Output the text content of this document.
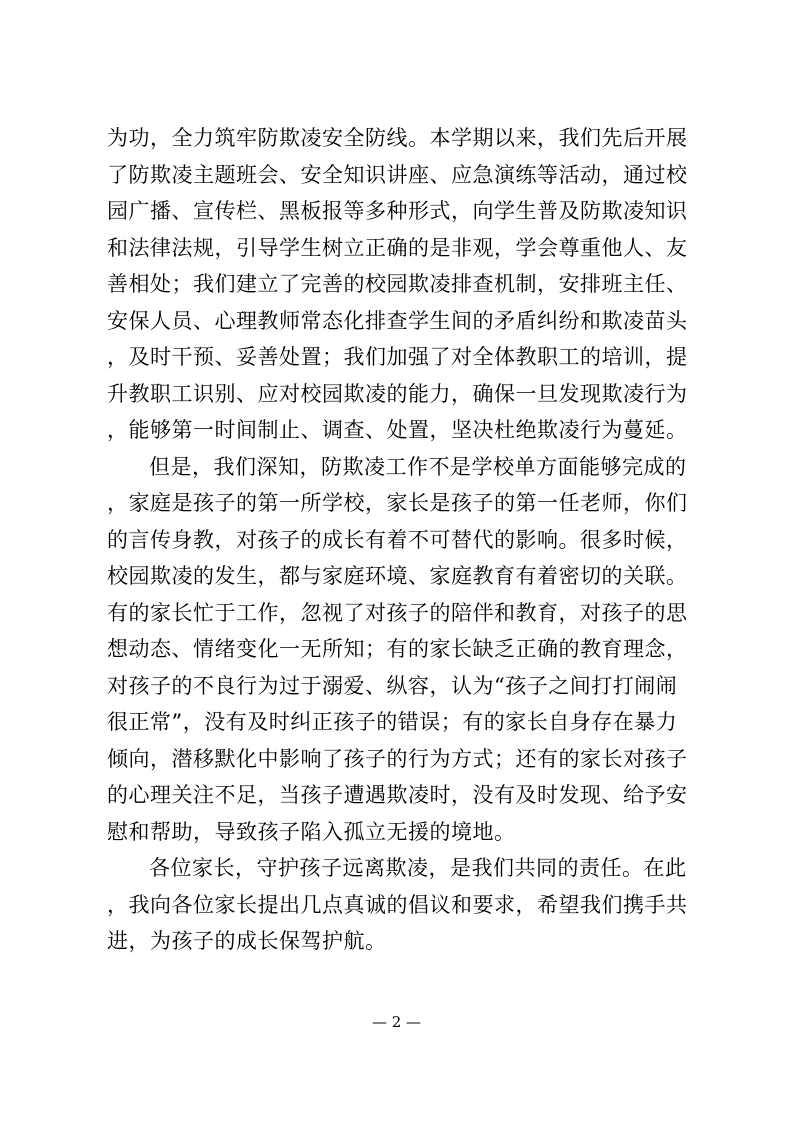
为功，全力筑牢防欺凌安全防线。本学期以来，我们先后开展
了防欺凌主题班会、安全知识讲座、应急演练等活动，通过校
园广播、宣传栏、黑板报等多种形式，向学生普及防欺凌知识
和法律法规，引导学生树立正确的是非观，学会尊重他人、友
善相处；我们建立了完善的校园欺凌排查机制，安排班主任、
安保人员、心理教师常态化排查学生间的矛盾纠纷和欺凌苗头
，及时干预、妥善处置；我们加强了对全体教职工的培训，提
升教职工识别、应对校园欺凌的能力，确保一旦发现欺凌行为
，能够第一时间制止、调查、处置，坚决杜绝欺凌行为蔓延。
但是，我们深知，防欺凌工作不是学校单方面能够完成的
，家庭是孩子的第一所学校，家长是孩子的第一任老师，你们
的言传身教，对孩子的成长有着不可替代的影响。很多时候，
校园欺凌的发生，都与家庭环境、家庭教育有着密切的关联。
有的家长忙于工作，忽视了对孩子的陪伴和教育，对孩子的思
想动态、情绪变化一无所知；有的家长缺乏正确的教育理念，
对孩子的不良行为过于溺爱、纵容，认为“孩子之间打打闹闹
很正常”，没有及时纠正孩子的错误；有的家长自身存在暴力
倾向，潜移默化中影响了孩子的行为方式；还有的家长对孩子
的心理关注不足，当孩子遭遇欺凌时，没有及时发现、给予安
慰和帮助，导致孩子陷入孤立无援的境地。
各位家长，守护孩子远离欺凌，是我们共同的责任。在此
，我向各位家长提出几点真诚的倡议和要求，希望我们携手共
进，为孩子的成长保驾护航。
— 2 —
